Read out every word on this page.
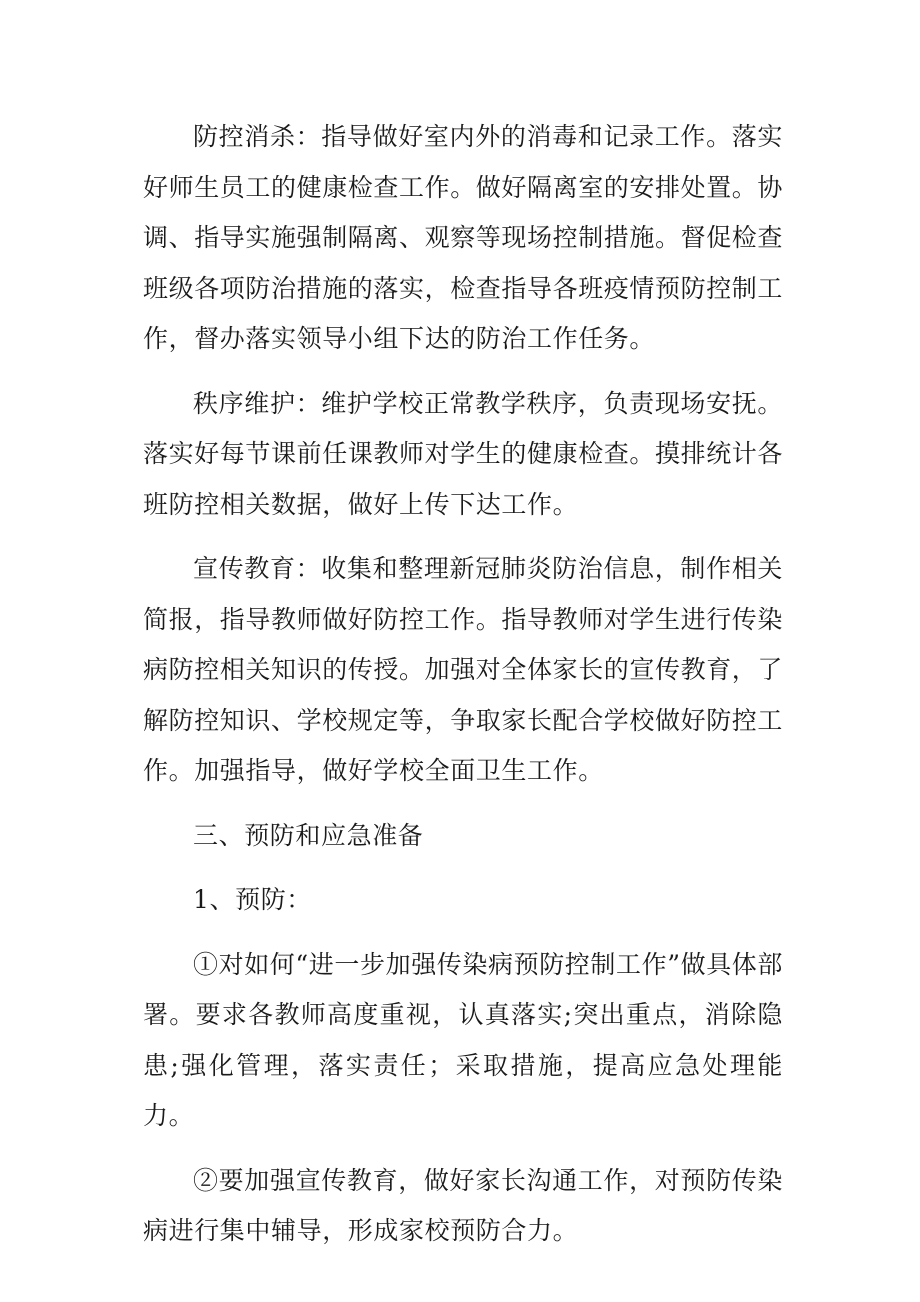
防控消杀：指导做好室内外的消毒和记录工作。落实好师生员工的健康检查工作。做好隔离室的安排处置。协调、指导实施强制隔离、观察等现场控制措施。督促检查班级各项防治措施的落实，检查指导各班疫情预防控制工作，督办落实领导小组下达的防治工作任务。

秩序维护：维护学校正常教学秩序，负责现场安抚。落实好每节课前任课教师对学生的健康检查。摸排统计各班防控相关数据，做好上传下达工作。

宣传教育：收集和整理新冠肺炎防治信息，制作相关简报，指导教师做好防控工作。指导教师对学生进行传染病防控相关知识的传授。加强对全体家长的宣传教育，了解防控知识、学校规定等，争取家长配合学校做好防控工作。加强指导，做好学校全面卫生工作。

三、预防和应急准备

1、预防：

①对如何“进一步加强传染病预防控制工作”做具体部署。要求各教师高度重视，认真落实;突出重点，消除隐患;强化管理，落实责任；采取措施，提高应急处理能力。

②要加强宣传教育，做好家长沟通工作，对预防传染病进行集中辅导，形成家校预防合力。
